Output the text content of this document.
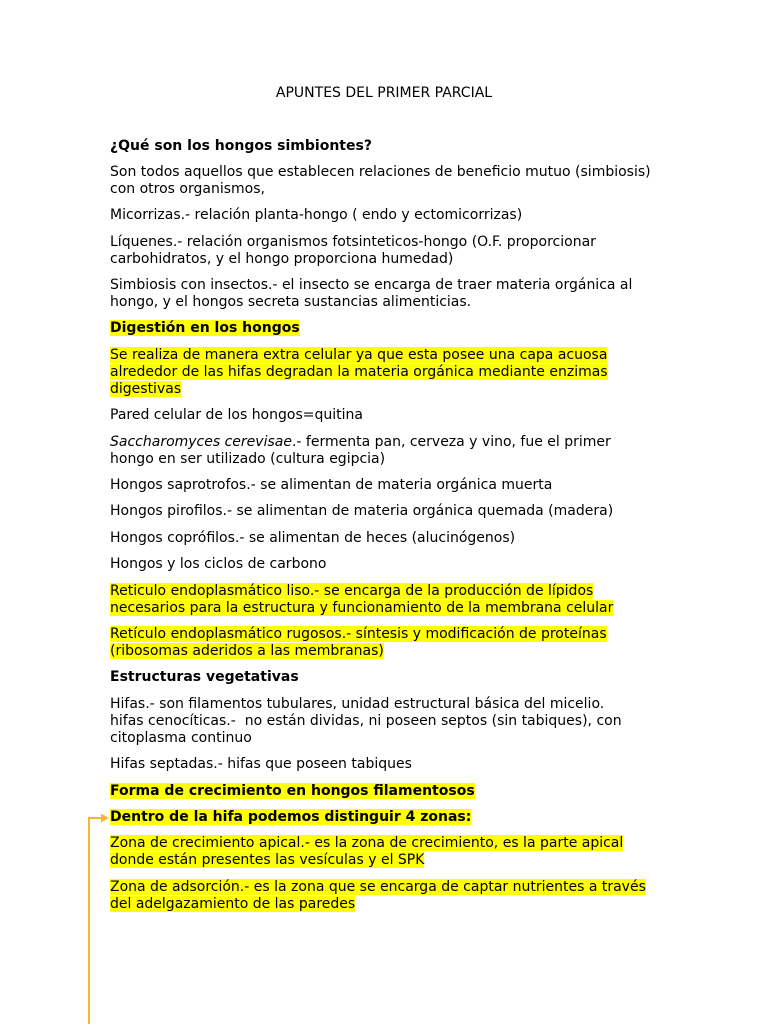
APUNTES DEL PRIMER PARCIAL
¿Qué son los hongos simbiontes?
Son todos aquellos que establecen relaciones de beneficio mutuo (simbiosis)
con otros organismos,
Micorrizas.- relación planta-hongo ( endo y ectomicorrizas)
Líquenes.- relación organismos fotsinteticos-hongo (O.F. proporcionar
carbohidratos, y el hongo proporciona humedad)
Simbiosis con insectos.- el insecto se encarga de traer materia orgánica al
hongo, y el hongos secreta sustancias alimenticias.
Digestión en los hongos
Se realiza de manera extra celular ya que esta posee una capa acuosa
alrededor de las hifas degradan la materia orgánica mediante enzimas
digestivas
Pared celular de los hongos=quitina
Saccharomyces cerevisae.- fermenta pan, cerveza y vino, fue el primer
hongo en ser utilizado (cultura egipcia)
Hongos saprotrofos.- se alimentan de materia orgánica muerta
Hongos pirofilos.- se alimentan de materia orgánica quemada (madera)
Hongos coprófilos.- se alimentan de heces (alucinógenos)
Hongos y los ciclos de carbono
Reticulo endoplasmático liso.- se encarga de la producción de lípidos
necesarios para la estructura y funcionamiento de la membrana celular
Retículo endoplasmático rugosos.- síntesis y modificación de proteínas
(ribosomas aderidos a las membranas)
Estructuras vegetativas
Hifas.- son filamentos tubulares, unidad estructural básica del micelio.
hifas cenocíticas.-  no están dividas, ni poseen septos (sin tabiques), con
citoplasma continuo
Hifas septadas.- hifas que poseen tabiques
Forma de crecimiento en hongos filamentosos
Dentro de la hifa podemos distinguir 4 zonas:
Zona de crecimiento apical.- es la zona de crecimiento, es la parte apical
donde están presentes las vesículas y el SPK
Zona de adsorción.- es la zona que se encarga de captar nutrientes a través
del adelgazamiento de las paredes
